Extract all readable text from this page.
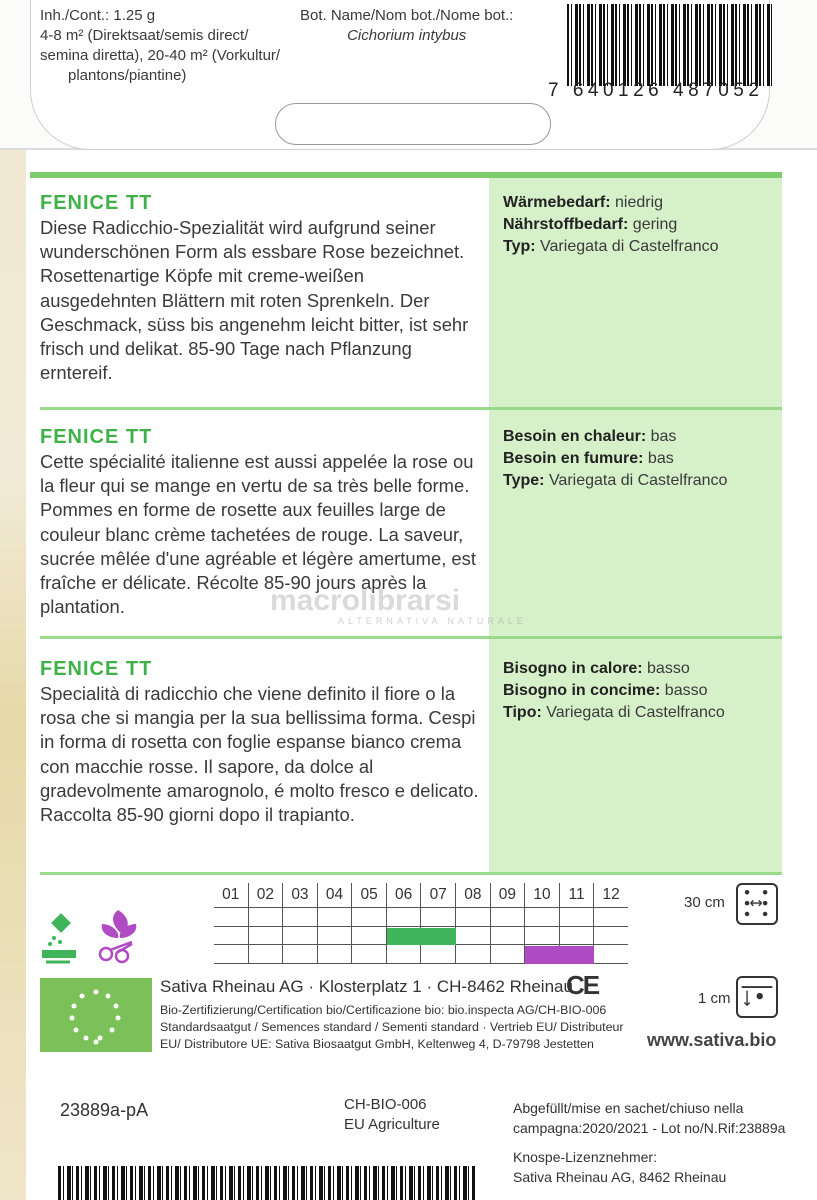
Inh./Cont.: 1.25 g
4-8 m² (Direktsaat/semis direct/
semina diretta), 20-40 m² (Vorkultur/
plantons/piantine)
Bot. Name/Nom bot./Nome bot.:
Cichorium intybus
7 640126 487052
FENICE TT
Diese Radicchio-Spezialität wird aufgrund seiner wunderschönen Form als essbare Rose bezeichnet. Rosettenartige Köpfe mit creme-weißen ausgedehnten Blättern mit roten Sprenkeln. Der Geschmack, süss bis angenehm leicht bitter, ist sehr frisch und delikat. 85-90 Tage nach Pflanzung erntereif.
Wärmebedarf: niedrig
Nährstoffbedarf: gering
Typ: Variegata di Castelfranco
FENICE TT
Cette spécialité italienne est aussi appelée la rose ou la fleur qui se mange en vertu de sa très belle forme. Pommes en forme de rosette aux feuilles large de couleur blanc crème tachetées de rouge. La saveur, sucrée mêlée d'une agréable et légère amertume, est fraîche er délicate. Récolte 85-90 jours après la plantation.
Besoin en chaleur: bas
Besoin en fumure: bas
Type: Variegata di Castelfranco
FENICE TT
Specialità di radicchio che viene definito il fiore o la rosa che si mangia per la sua bellissima forma. Cespi in forma di rosetta con foglie espanse bianco crema con macchie rosse. Il sapore, da dolce al gradevolmente amarognolo, é molto fresco e delicato. Raccolta 85-90 giorni dopo il trapianto.
Bisogno in calore: basso
Bisogno in concime: basso
Tipo: Variegata di Castelfranco
macrolibrarsi
ALTERNATIVA NATURALE
01	02	03	04	05	06	07	08	09	10	11	12	30 cm
1 cm
www.sativa.bio
Sativa Rheinau AG · Klosterplatz 1 · CH-8462 Rheinau
CE
Bio-Zertifizierung/Certification bio/Certificazione bio: bio.inspecta AG/CH-BIO-006 Standardsaatgut / Semences standard / Sementi standard · Vertrieb EU/ Distributeur EU/ Distributore UE: Sativa Biosaatgut GmbH, Keltenweg 4, D-79798 Jestetten
23889a-pA	CH-BIO-006
EU Agriculture
Abgefüllt/mise en sachet/chiuso nella
campagna:2020/2021 - Lot no/N.Rif:23889a
Knospe-Lizenznehmer:
Sativa Rheinau AG, 8462 Rheinau
